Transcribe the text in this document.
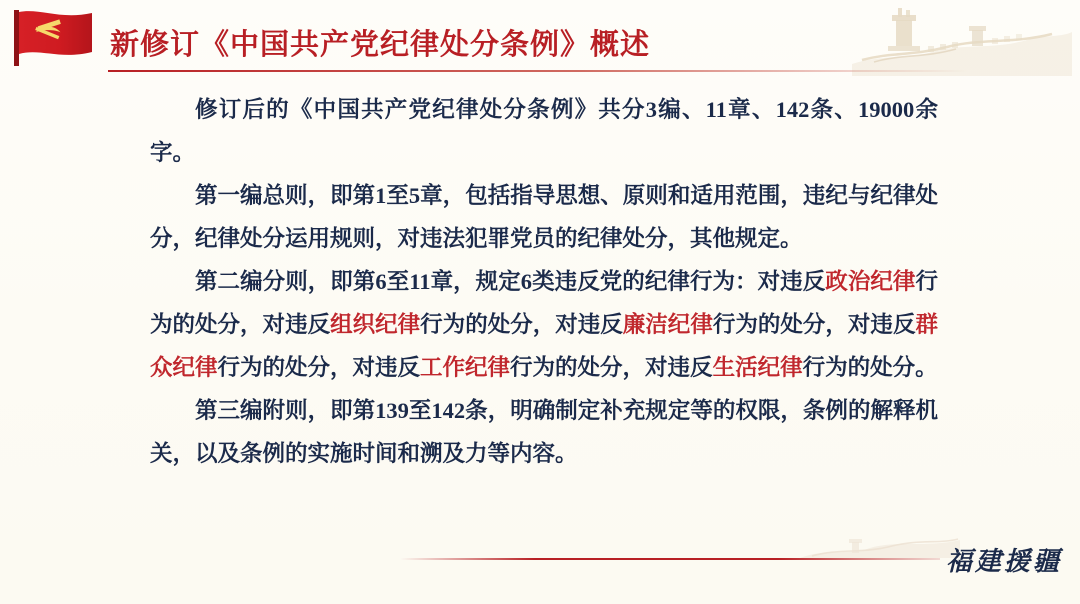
新修订《中国共产党纪律处分条例》概述

修订后的《中国共产党纪律处分条例》共分3编、11章、142条、19000余字。

第一编总则，即第1至5章，包括指导思想、原则和适用范围，违纪与纪律处分，纪律处分运用规则，对违法犯罪党员的纪律处分，其他规定。

第二编分则，即第6至11章，规定6类违反党的纪律行为：对违反政治纪律行为的处分，对违反组织纪律行为的处分，对违反廉洁纪律行为的处分，对违反群众纪律行为的处分，对违反工作纪律行为的处分，对违反生活纪律行为的处分。

第三编附则，即第139至142条，明确制定补充规定等的权限，条例的解释机关，以及条例的实施时间和溯及力等内容。

福建援疆
